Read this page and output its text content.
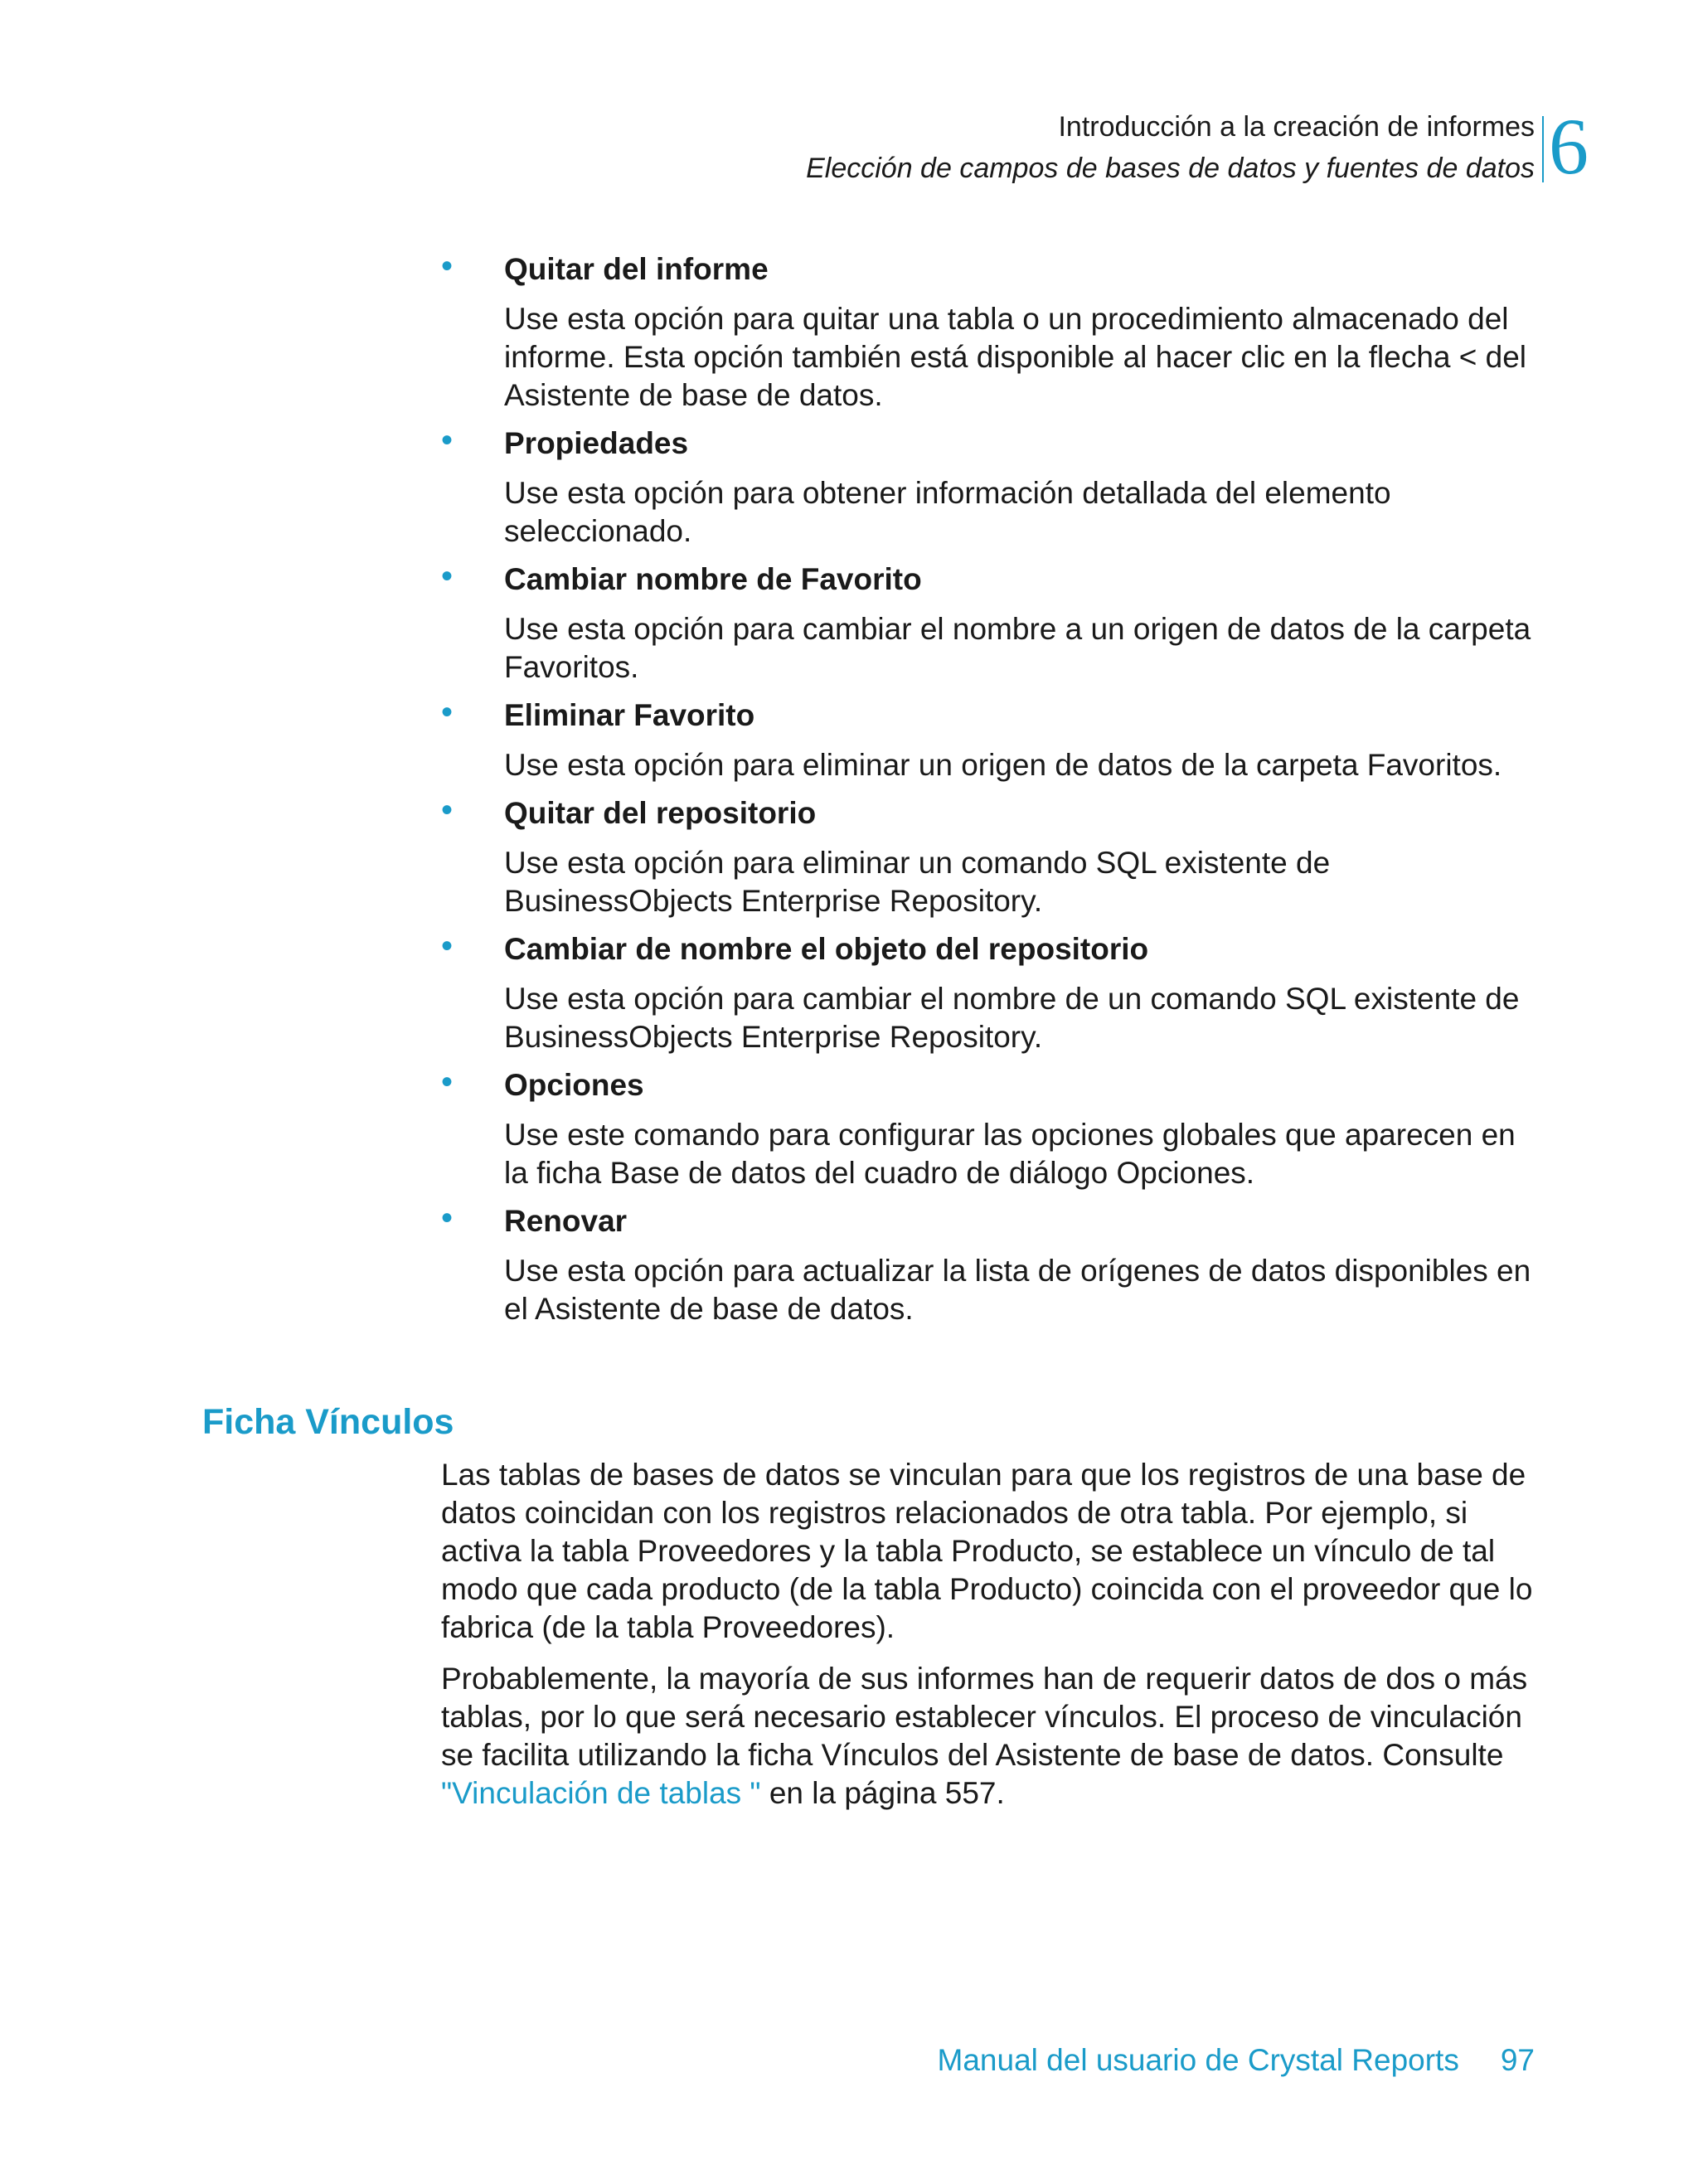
Introducción a la creación de informes
Elección de campos de bases de datos y fuentes de datos 6
• Quitar del informe
Use esta opción para quitar una tabla o un procedimiento almacenado del informe. Esta opción también está disponible al hacer clic en la flecha < del Asistente de base de datos.
• Propiedades
Use esta opción para obtener información detallada del elemento seleccionado.
• Cambiar nombre de Favorito
Use esta opción para cambiar el nombre a un origen de datos de la carpeta Favoritos.
• Eliminar Favorito
Use esta opción para eliminar un origen de datos de la carpeta Favoritos.
• Quitar del repositorio
Use esta opción para eliminar un comando SQL existente de BusinessObjects Enterprise Repository.
• Cambiar de nombre el objeto del repositorio
Use esta opción para cambiar el nombre de un comando SQL existente de BusinessObjects Enterprise Repository.
• Opciones
Use este comando para configurar las opciones globales que aparecen en la ficha Base de datos del cuadro de diálogo Opciones.
• Renovar
Use esta opción para actualizar la lista de orígenes de datos disponibles en el Asistente de base de datos.
Ficha Vínculos

Las tablas de bases de datos se vinculan para que los registros de una base de datos coincidan con los registros relacionados de otra tabla. Por ejemplo, si activa la tabla Proveedores y la tabla Producto, se establece un vínculo de tal modo que cada producto (de la tabla Producto) coincida con el proveedor que lo fabrica (de la tabla Proveedores).

Probablemente, la mayoría de sus informes han de requerir datos de dos o más tablas, por lo que será necesario establecer vínculos. El proceso de vinculación se facilita utilizando la ficha Vínculos del Asistente de base de datos. Consulte "Vinculación de tablas " en la página 557.

Manual del usuario de Crystal Reports 97
